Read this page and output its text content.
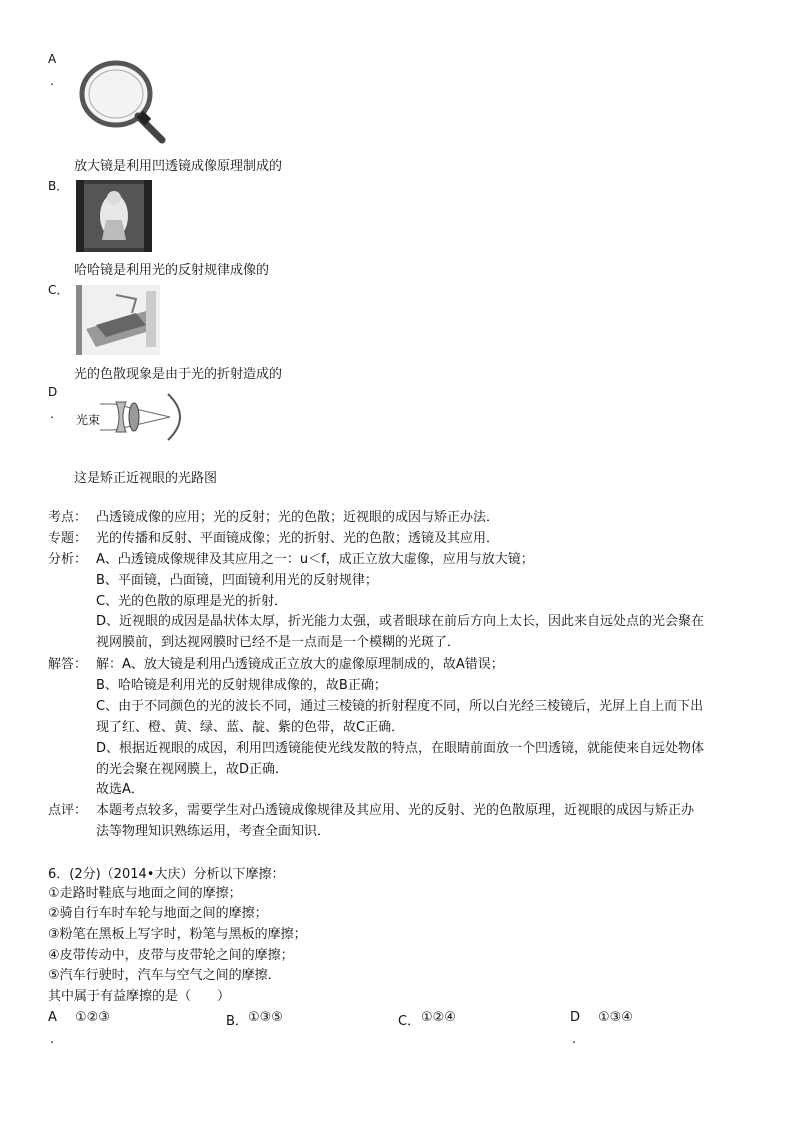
A
.
放大镜是利用凹透镜成像原理制成的
B．
哈哈镜是利用光的反射规律成像的
C．
光的色散现象是由于光的折射造成的
D
. 光束
这是矫正近视眼的光路图
考点： 凸透镜成像的应用；光的反射；光的色散；近视眼的成因与矫正办法．
专题： 光的传播和反射、平面镜成像；光的折射、光的色散；透镜及其应用．
分析： A、凸透镜成像规律及其应用之一：u＜f，成正立放大虚像，应用与放大镜；
B、平面镜，凸面镜，凹面镜利用光的反射规律；
C、光的色散的原理是光的折射．
D、近视眼的成因是晶状体太厚，折光能力太强，或者眼球在前后方向上太长，因此来自远处点的光会聚在
视网膜前，到达视网膜时已经不是一点而是一个模糊的光斑了．
解答： 解：A、放大镜是利用凸透镜成正立放大的虚像原理制成的，故A错误；
B、哈哈镜是利用光的反射规律成像的，故B正确；
C、由于不同颜色的光的波长不同，通过三棱镜的折射程度不同，所以白光经三棱镜后，光屏上自上而下出
现了红、橙、黄、绿、蓝、靛、紫的色带，故C正确．
D、根据近视眼的成因，利用凹透镜能使光线发散的特点，在眼睛前面放一个凹透镜，就能使来自远处物体
的光会聚在视网膜上，故D正确．
故选A．
点评： 本题考点较多，需要学生对凸透镜成像规律及其应用、光的反射、光的色散原理，近视眼的成因与矫正办
法等物理知识熟练运用，考查全面知识．
6．(2分)（2014•大庆）分析以下摩擦：
①走路时鞋底与地面之间的摩擦；
②骑自行车时车轮与地面之间的摩擦；
③粉笔在黑板上写字时，粉笔与黑板的摩擦；
④皮带传动中，皮带与皮带轮之间的摩擦；
⑤汽车行驶时，汽车与空气之间的摩擦．
其中属于有益摩擦的是（　　）
A ①②③
.
B． ①③⑤	C． ①②④	D ①③④
.
